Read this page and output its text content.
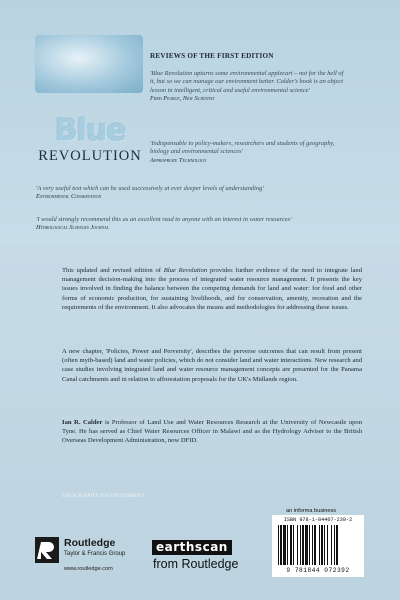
Blue
REVOLUTION
REVIEWS OF THE FIRST EDITION
'Blue Revolution upturns some environmental applecart – not for the hell of it, but so we can manage our environment better. Calder's book is an object lesson in intelligent, critical and useful environmental science'
Fred Pearce, New Scientist
'Indispensable to policy-makers, researchers and students of geography, biology and environmental sciences'
Appropriate Technology
'A very useful text which can be used successively at ever deeper levels of understanding'
Environmental Conservation
'I would strongly recommend this as an excellent read to anyone with an interest in water resources'
Hydrological Sciences Journal
This updated and revised edition of Blue Revolution provides further evidence of the need to integrate land management decision-making into the process of integrated water resource management. It presents the key issues involved in finding the balance between the competing demands for land and water: for food and other forms of economic production, for sustaining livelihoods, and for conservation, amenity, recreation and the requirements of the environment. It also advocates the means and methodologies for addressing these issues.
A new chapter, 'Policies, Power and Perversity', describes the perverse outcomes that can result from present (often myth-based) land and water policies, which do not consider land and water interactions. New research and case studies involving integrated land and water resource management concepts are presented for the Panama Canal catchments and in relation to afforestation proposals for the UK's Midlands region.
Ian R. Calder is Professor of Land Use and Water Resources Research at the University of Newcastle upon Tyne. He has served as Chief Water Resources Officer in Malawi and as the Hydrology Adviser to the British Overseas Development Administration, now DFID.
GEOGRAPHY/ENVIRONMENT
an informa business
ISBN 978-1-84407-239-2
9 781844 072392
Routledge
Taylor & Francis Group
www.routledge.com
earthscan
from Routledge
